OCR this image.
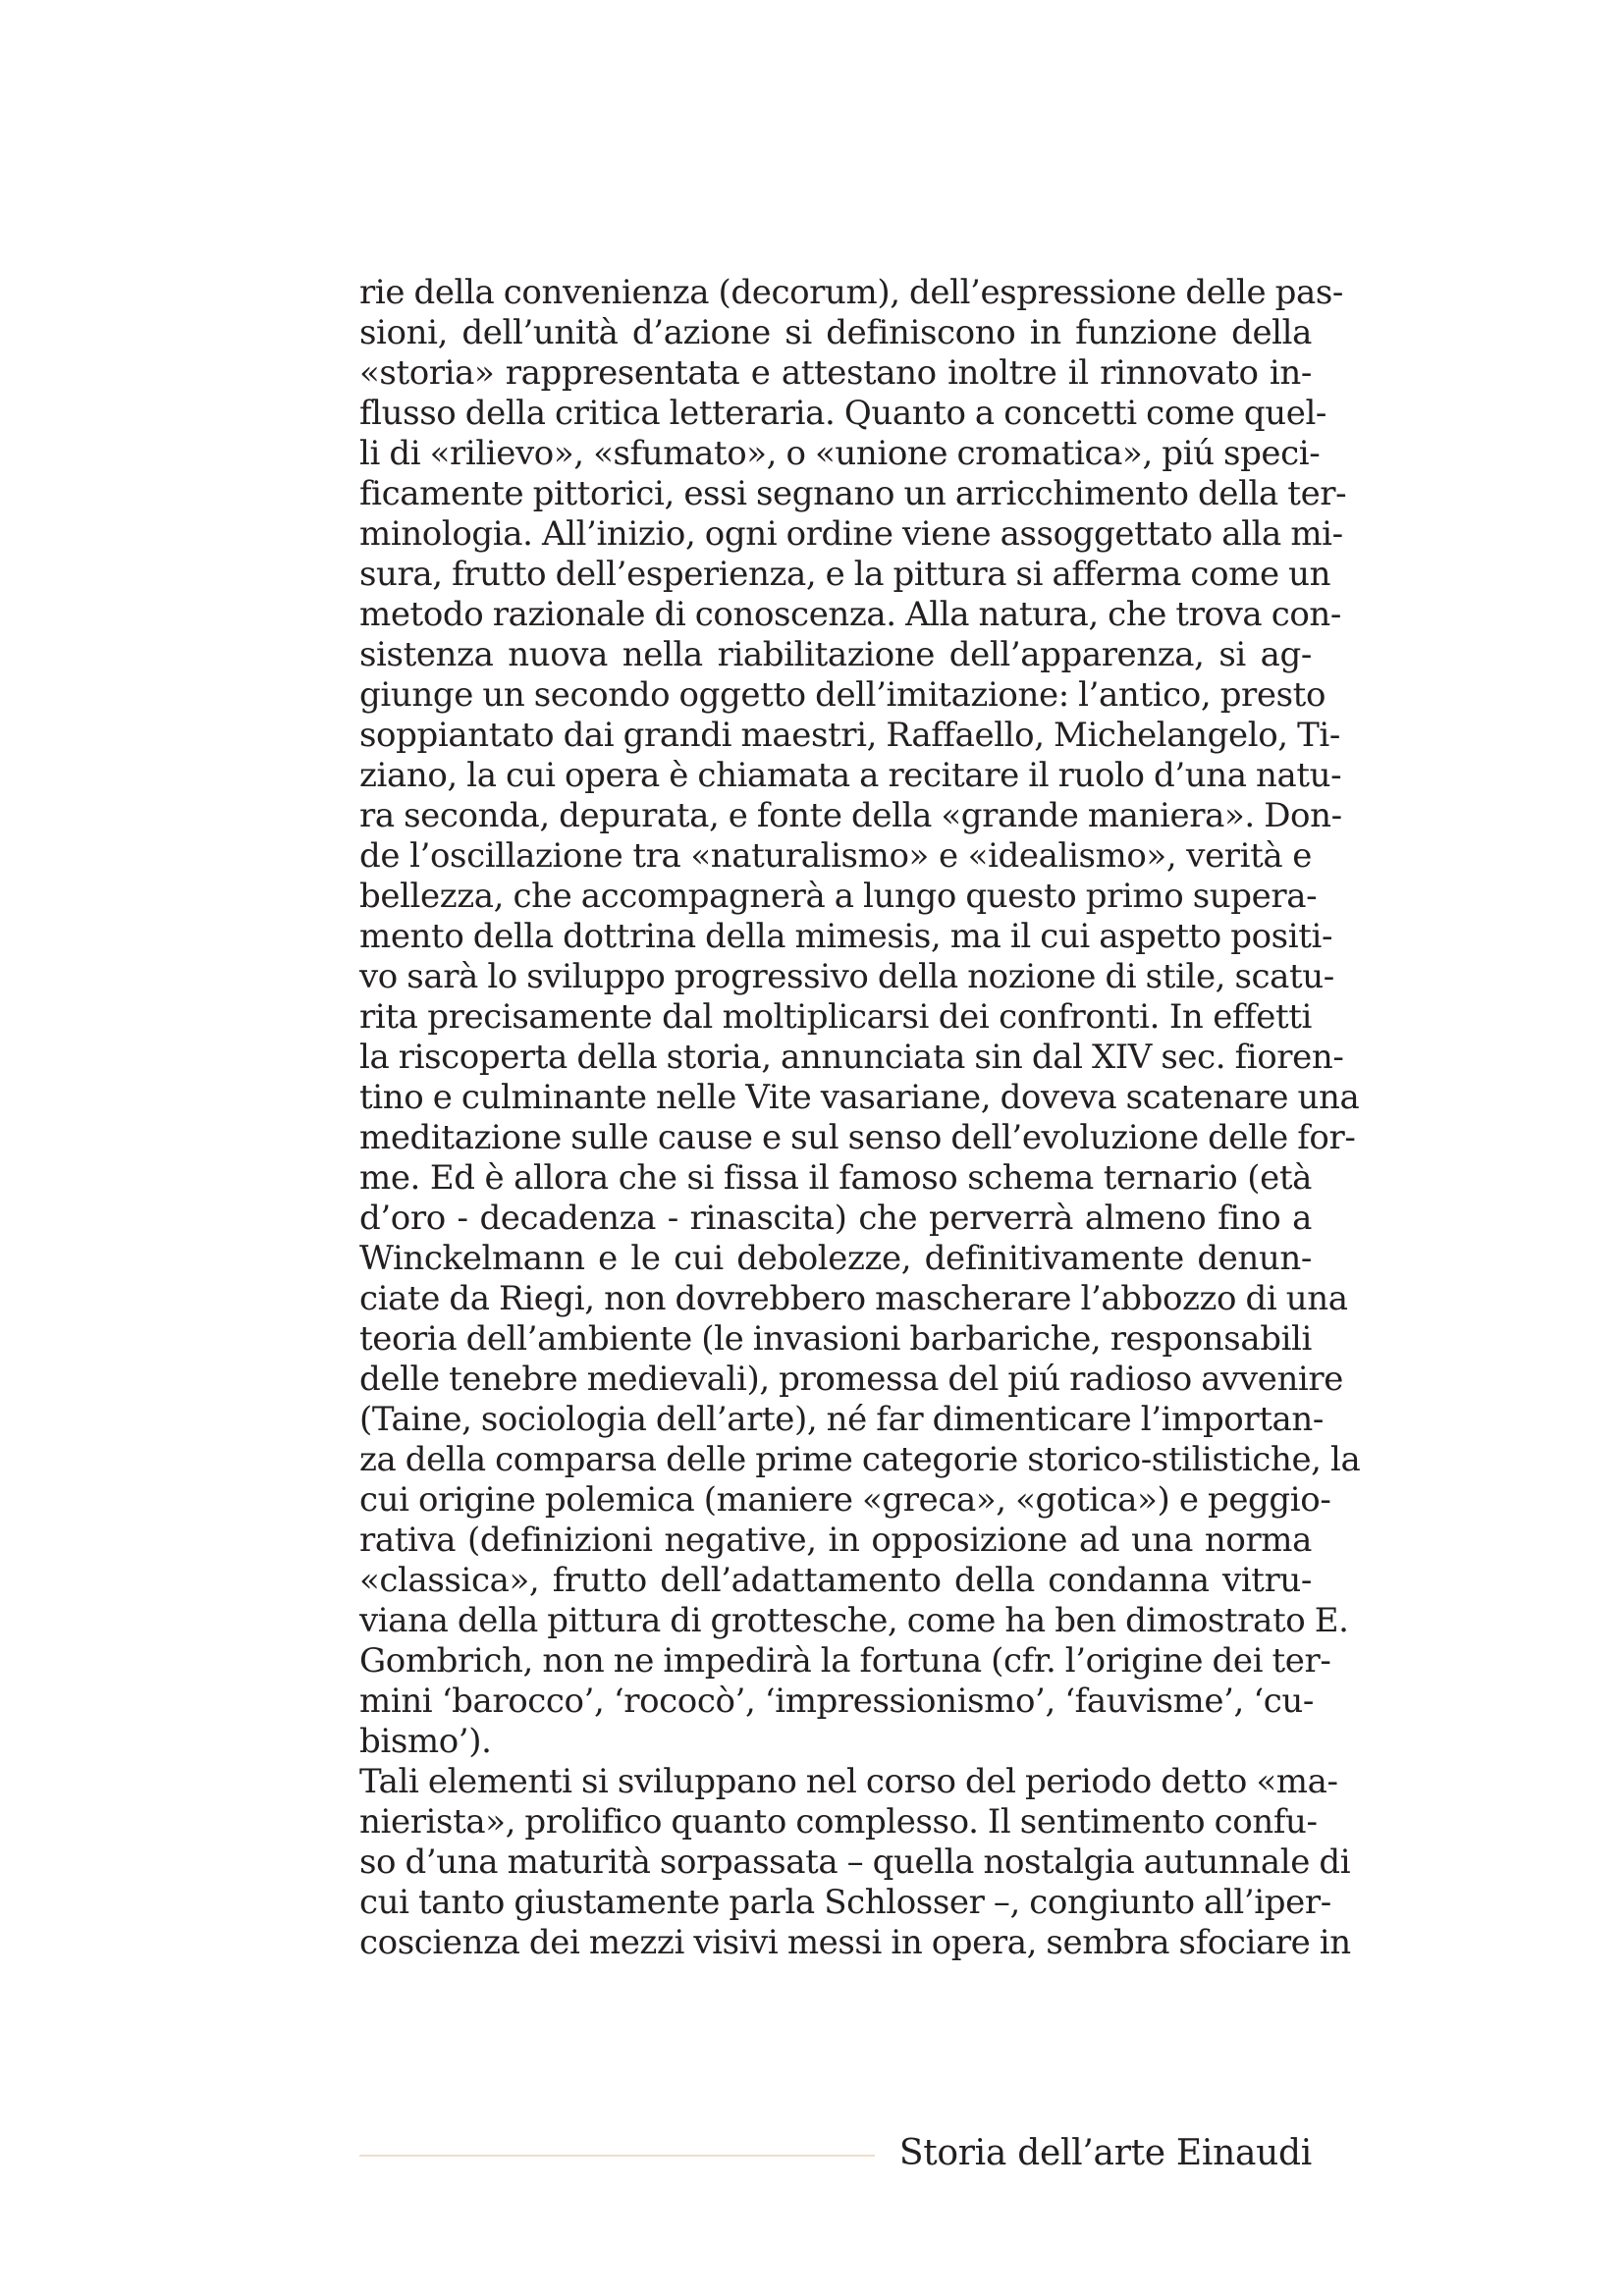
rie della convenienza (decorum), dell’espressione delle pas-
sioni, dell’unità d’azione si definiscono in funzione della
«storia» rappresentata e attestano inoltre il rinnovato in-
flusso della critica letteraria. Quanto a concetti come quel-
li di «rilievo», «sfumato», o «unione cromatica», piú speci-
ficamente pittorici, essi segnano un arricchimento della ter-
minologia. All’inizio, ogni ordine viene assoggettato alla mi-
sura, frutto dell’esperienza, e la pittura si afferma come un
metodo razionale di conoscenza. Alla natura, che trova con-
sistenza nuova nella riabilitazione dell’apparenza, si ag-
giunge un secondo oggetto dell’imitazione: l’antico, presto
soppiantato dai grandi maestri, Raffaello, Michelangelo, Ti-
ziano, la cui opera è chiamata a recitare il ruolo d’una natu-
ra seconda, depurata, e fonte della «grande maniera». Don-
de l’oscillazione tra «naturalismo» e «idealismo», verità e
bellezza, che accompagnerà a lungo questo primo supera-
mento della dottrina della mimesis, ma il cui aspetto positi-
vo sarà lo sviluppo progressivo della nozione di stile, scatu-
rita precisamente dal moltiplicarsi dei confronti. In effetti
la riscoperta della storia, annunciata sin dal XIV sec. fioren-
tino e culminante nelle Vite vasariane, doveva scatenare una
meditazione sulle cause e sul senso dell’evoluzione delle for-
me. Ed è allora che si fissa il famoso schema ternario (età
d’oro - decadenza - rinascita) che perverrà almeno fino a
Winckelmann e le cui debolezze, definitivamente denun-
ciate da Riegi, non dovrebbero mascherare l’abbozzo di una
teoria dell’ambiente (le invasioni barbariche, responsabili
delle tenebre medievali), promessa del piú radioso avvenire
(Taine, sociologia dell’arte), né far dimenticare l’importan-
za della comparsa delle prime categorie storico-stilistiche, la
cui origine polemica (maniere «greca», «gotica») e peggio-
rativa (definizioni negative, in opposizione ad una norma
«classica», frutto dell’adattamento della condanna vitru-
viana della pittura di grottesche, come ha ben dimostrato E.
Gombrich, non ne impedirà la fortuna (cfr. l’origine dei ter-
mini ‘barocco’, ‘rococò’, ‘impressionismo’, ‘fauvisme’, ‘cu-
bismo’).
Tali elementi si sviluppano nel corso del periodo detto «ma-
nierista», prolifico quanto complesso. Il sentimento confu-
so d’una maturità sorpassata – quella nostalgia autunnale di
cui tanto giustamente parla Schlosser –, congiunto all’iper-
coscienza dei mezzi visivi messi in opera, sembra sfociare in
Storia dell’arte Einaudi
